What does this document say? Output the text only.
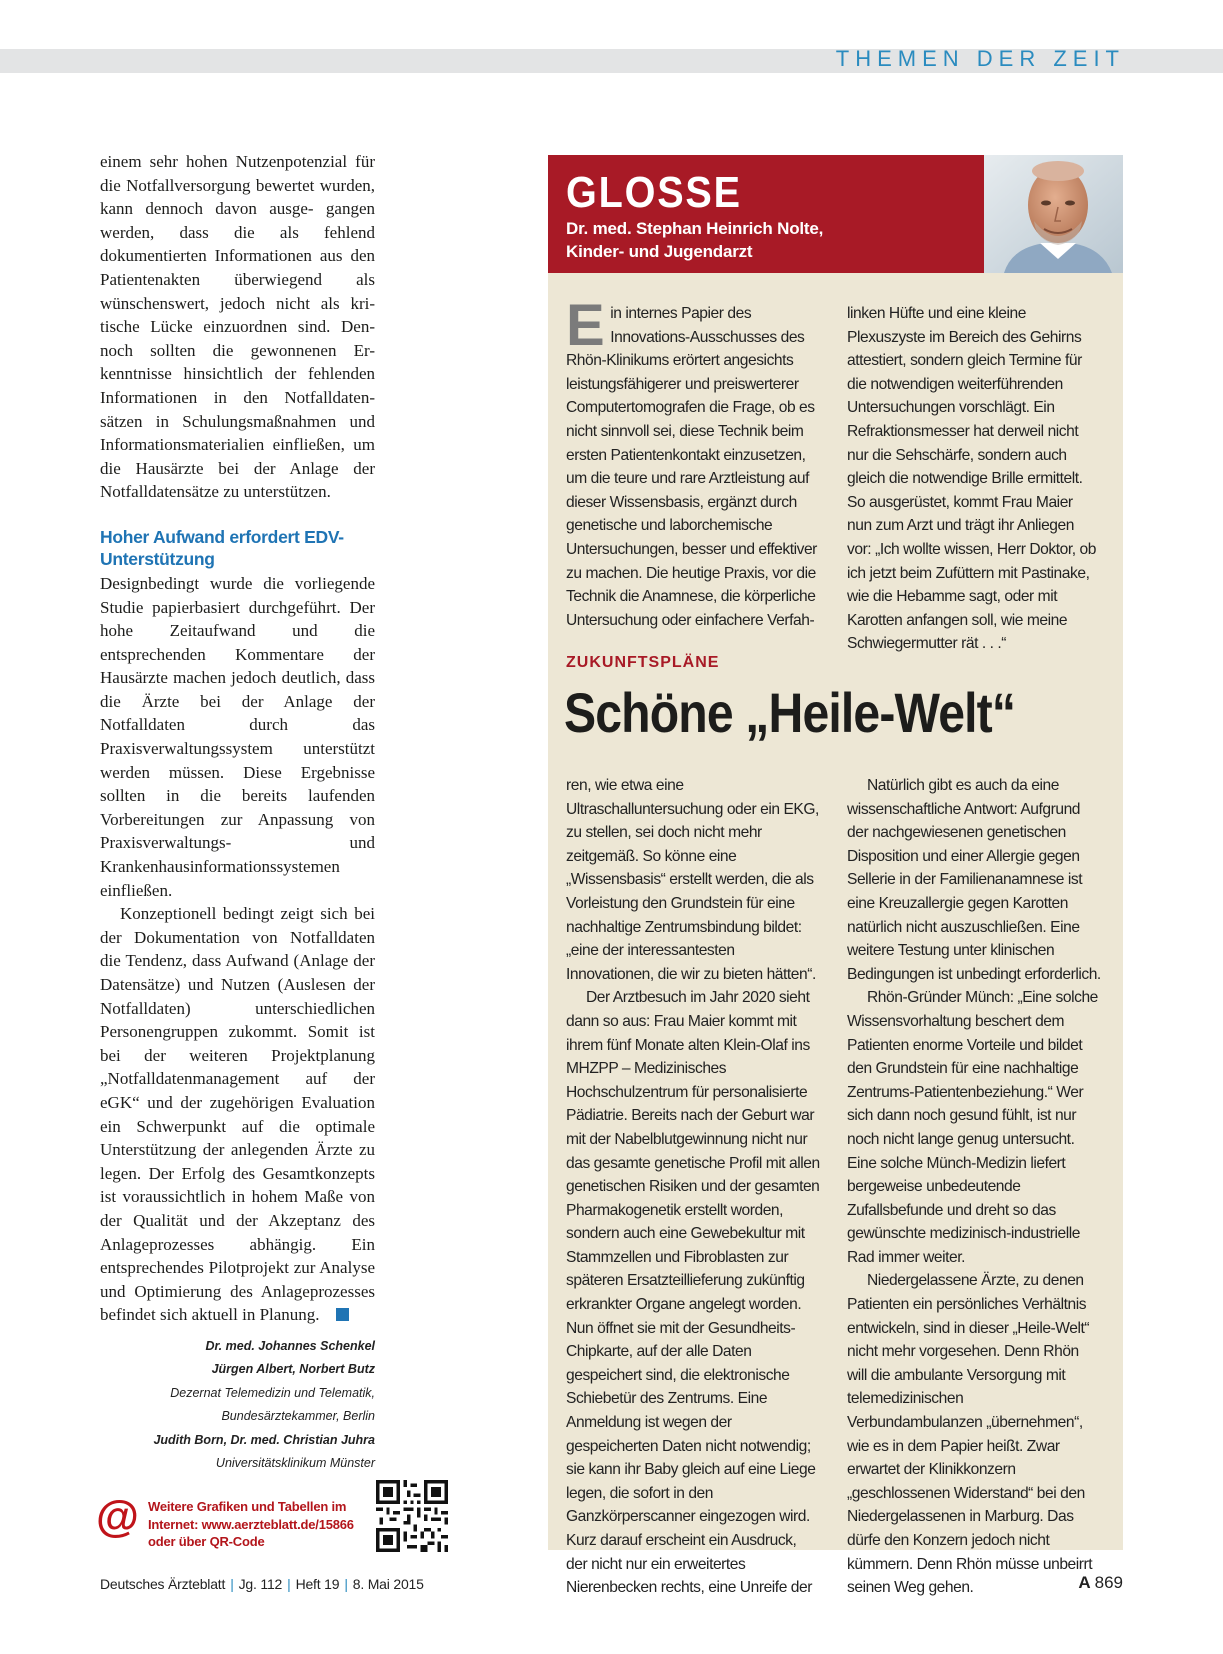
THEMEN DER ZEIT

einem sehr hohen Nutzenpotenzial für die Notfallversorgung bewertet wurden, kann dennoch davon ausge- gangen werden, dass die als fehlend dokumentierten Informationen aus den Patientenakten überwiegend als wünschenswert, jedoch nicht als kri- tische Lücke einzuordnen sind. Den- noch sollten die gewonnenen Er- kenntnisse hinsichtlich der fehlenden Informationen in den Notfalldaten- sätzen in Schulungsmaßnahmen und Informationsmaterialien einfließen, um die Hausärzte bei der Anlage der Notfalldatensätze zu unterstützen.

Hoher Aufwand erfordert EDV-Unterstützung

Designbedingt wurde die vorliegende Studie papierbasiert durchgeführt. Der hohe Zeitaufwand und die entsprechenden Kommentare der Hausärzte machen jedoch deutlich, dass die Ärzte bei der Anlage der Notfalldaten durch das Praxisverwaltungssystem unterstützt werden müssen. Diese Ergebnisse sollten in die bereits laufenden Vorbereitungen zur Anpassung von Praxisverwaltungs- und Krankenhausinformationssystemen einfließen.

Konzeptionell bedingt zeigt sich bei der Dokumentation von Notfalldaten die Tendenz, dass Aufwand (Anlage der Datensätze) und Nutzen (Auslesen der Notfalldaten) unterschiedlichen Personengruppen zukommt. Somit ist bei der weiteren Projektplanung „Notfalldatenmanagement auf der eGK“ und der zugehörigen Evaluation ein Schwerpunkt auf die optimale Unterstützung der anlegenden Ärzte zu legen. Der Erfolg des Gesamtkonzepts ist voraussichtlich in hohem Maße von der Qualität und der Akzeptanz des Anlageprozesses abhängig. Ein entsprechendes Pilotprojekt zur Analyse und Optimierung des Anlageprozesses befindet sich aktuell in Planung.

Dr. med. Johannes Schenkel
Jürgen Albert, Norbert Butz
Dezernat Telemedizin und Telematik,
Bundesärztekammer, Berlin
Judith Born, Dr. med. Christian Juhra
Universitätsklinikum Münster
@ Weitere Grafiken und Tabellen im
Internet: www.aerzteblatt.de/15866
oder über QR-Code
GLOSSE
Dr. med. Stephan Heinrich Nolte,
Kinder- und Jugendarzt

Ein internes Papier des Innovations-Ausschusses des Rhön-Klinikums erörtert angesichts leistungsfähigerer und preiswerterer Computertomografen die Frage, ob es nicht sinnvoll sei, diese Technik beim ersten Patientenkontakt einzusetzen, um die teure und rare Arztleistung auf dieser Wissensbasis, ergänzt durch genetische und laborchemische Untersuchungen, besser und effektiver zu machen. Die heutige Praxis, vor die Technik die Anamnese, die körperliche Untersuchung oder einfachere Verfah-

linken Hüfte und eine kleine Plexuszyste im Bereich des Gehirns attestiert, sondern gleich Termine für die notwendigen weiterführenden Untersuchungen vorschlägt. Ein Refraktionsmesser hat derweil nicht nur die Sehschärfe, sondern auch gleich die notwendige Brille ermittelt. So ausgerüstet, kommt Frau Maier nun zum Arzt und trägt ihr Anliegen vor: „Ich wollte wissen, Herr Doktor, ob ich jetzt beim Zufüttern mit Pastinake, wie die Hebamme sagt, oder mit Karotten anfangen soll, wie meine Schwiegermutter rät . . .“

ZUKUNFTSPLÄNE
Schöne „Heile-Welt“

ren, wie etwa eine Ultraschalluntersuchung oder ein EKG, zu stellen, sei doch nicht mehr zeitgemäß. So könne eine „Wissensbasis“ erstellt werden, die als Vorleistung den Grundstein für eine nachhaltige Zentrumsbindung bildet: „eine der interessantesten Innovationen, die wir zu bieten hätten“.

Der Arztbesuch im Jahr 2020 sieht dann so aus: Frau Maier kommt mit ihrem fünf Monate alten Klein-Olaf ins MHZPP – Medizinisches Hochschulzentrum für personalisierte Pädiatrie. Bereits nach der Geburt war mit der Nabelblutgewinnung nicht nur das gesamte genetische Profil mit allen genetischen Risiken und der gesamten Pharmakogenetik erstellt worden, sondern auch eine Gewebekultur mit Stammzellen und Fibroblasten zur späteren Ersatzteillieferung zukünftig erkrankter Organe angelegt worden. Nun öffnet sie mit der Gesundheits-Chipkarte, auf der alle Daten gespeichert sind, die elektronische Schiebetür des Zentrums. Eine Anmeldung ist wegen der gespeicherten Daten nicht notwendig; sie kann ihr Baby gleich auf eine Liege legen, die sofort in den Ganzkörperscanner eingezogen wird. Kurz darauf erscheint ein Ausdruck, der nicht nur ein erweitertes Nierenbecken rechts, eine Unreife der

Natürlich gibt es auch da eine wissenschaftliche Antwort: Aufgrund der nachgewiesenen genetischen Disposition und einer Allergie gegen Sellerie in der Familienanamnese ist eine Kreuzallergie gegen Karotten natürlich nicht auszuschließen. Eine weitere Testung unter klinischen Bedingungen ist unbedingt erforderlich.

Rhön-Gründer Münch: „Eine solche Wissensvorhaltung beschert dem Patienten enorme Vorteile und bildet den Grundstein für eine nachhaltige Zentrums-Patientenbeziehung.“ Wer sich dann noch gesund fühlt, ist nur noch nicht lange genug untersucht. Eine solche Münch-Medizin liefert bergeweise unbedeutende Zufallsbefunde und dreht so das gewünschte medizinisch-industrielle Rad immer weiter.

Niedergelassene Ärzte, zu denen Patienten ein persönliches Verhältnis entwickeln, sind in dieser „Heile-Welt“ nicht mehr vorgesehen. Denn Rhön will die ambulante Versorgung mit telemedizinischen Verbundambulanzen „übernehmen“, wie es in dem Papier heißt. Zwar erwartet der Klinikkonzern „geschlossenen Widerstand“ bei den Niedergelassenen in Marburg. Das dürfe den Konzern jedoch nicht kümmern. Denn Rhön müsse unbeirrt seinen Weg gehen.

Deutsches Ärzteblatt | Jg. 112 | Heft 19 | 8. Mai 2015	A 869
